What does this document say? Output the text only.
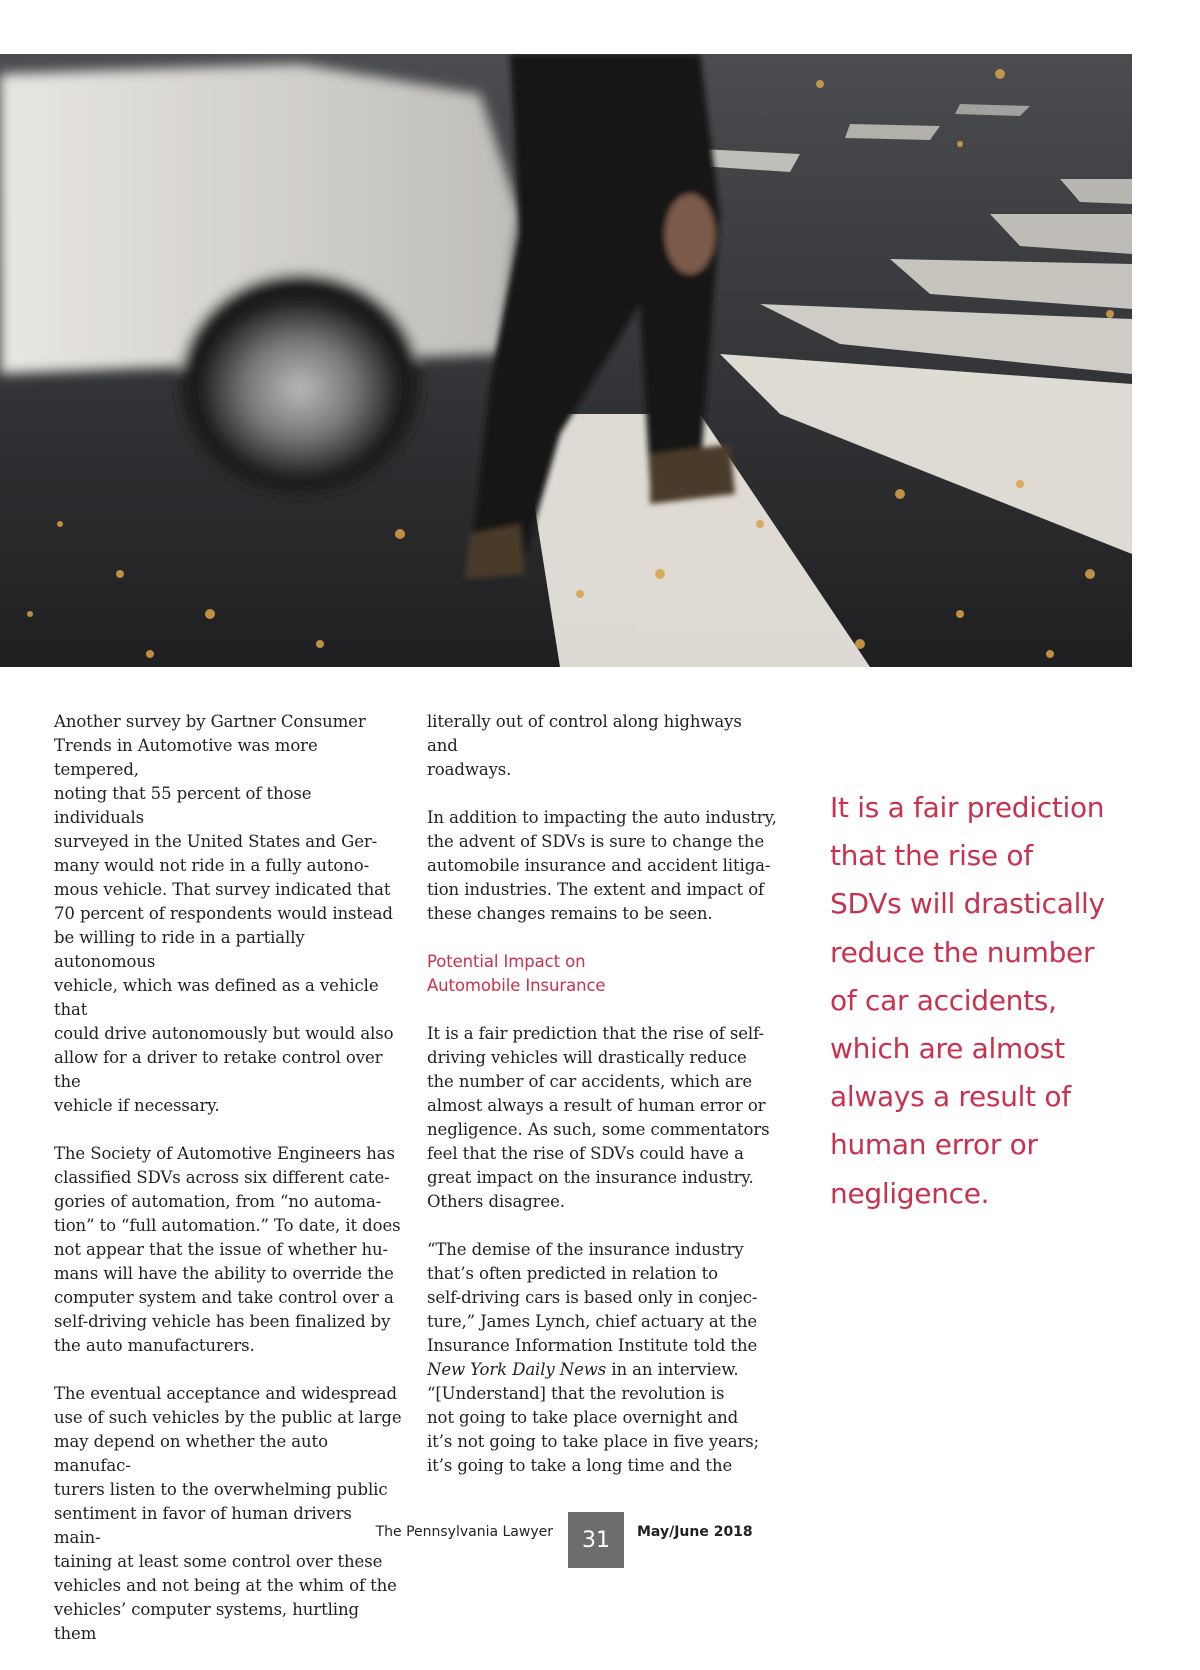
Another survey by Gartner Consumer
Trends in Automotive was more tempered,
noting that 55 percent of those individuals
surveyed in the United States and Ger-
many would not ride in a fully autono-
mous vehicle. That survey indicated that
70 percent of respondents would instead
be willing to ride in a partially autonomous
vehicle, which was defined as a vehicle that
could drive autonomously but would also
allow for a driver to retake control over the
vehicle if necessary.

The Society of Automotive Engineers has
classified SDVs across six different cate-
gories of automation, from “no automa-
tion” to “full automation.” To date, it does
not appear that the issue of whether hu-
mans will have the ability to override the
computer system and take control over a
self-driving vehicle has been finalized by
the auto manufacturers.

The eventual acceptance and widespread
use of such vehicles by the public at large
may depend on whether the auto manufac-
turers listen to the overwhelming public
sentiment in favor of human drivers main-
taining at least some control over these
vehicles and not being at the whim of the
vehicles’ computer systems, hurtling them

literally out of control along highways and
roadways.

In addition to impacting the auto industry,
the advent of SDVs is sure to change the
automobile insurance and accident litiga-
tion industries. The extent and impact of
these changes remains to be seen.

Potential Impact on
Automobile Insurance

It is a fair prediction that the rise of self-
driving vehicles will drastically reduce
the number of car accidents, which are
almost always a result of human error or
negligence. As such, some commentators
feel that the rise of SDVs could have a
great impact on the insurance industry.
Others disagree.

“The demise of the insurance industry
that’s often predicted in relation to
self-driving cars is based only in conjec-
ture,” James Lynch, chief actuary at the
Insurance Information Institute told the
New York Daily News in an interview.
“[Understand] that the revolution is
not going to take place overnight and
it’s not going to take place in five years;
it’s going to take a long time and the

It is a fair prediction
that the rise of
SDVs will drastically
reduce the number
of car accidents,
which are almost
always a result of
human error or
negligence.
The Pennsylvania Lawyer	31	May/June 2018
